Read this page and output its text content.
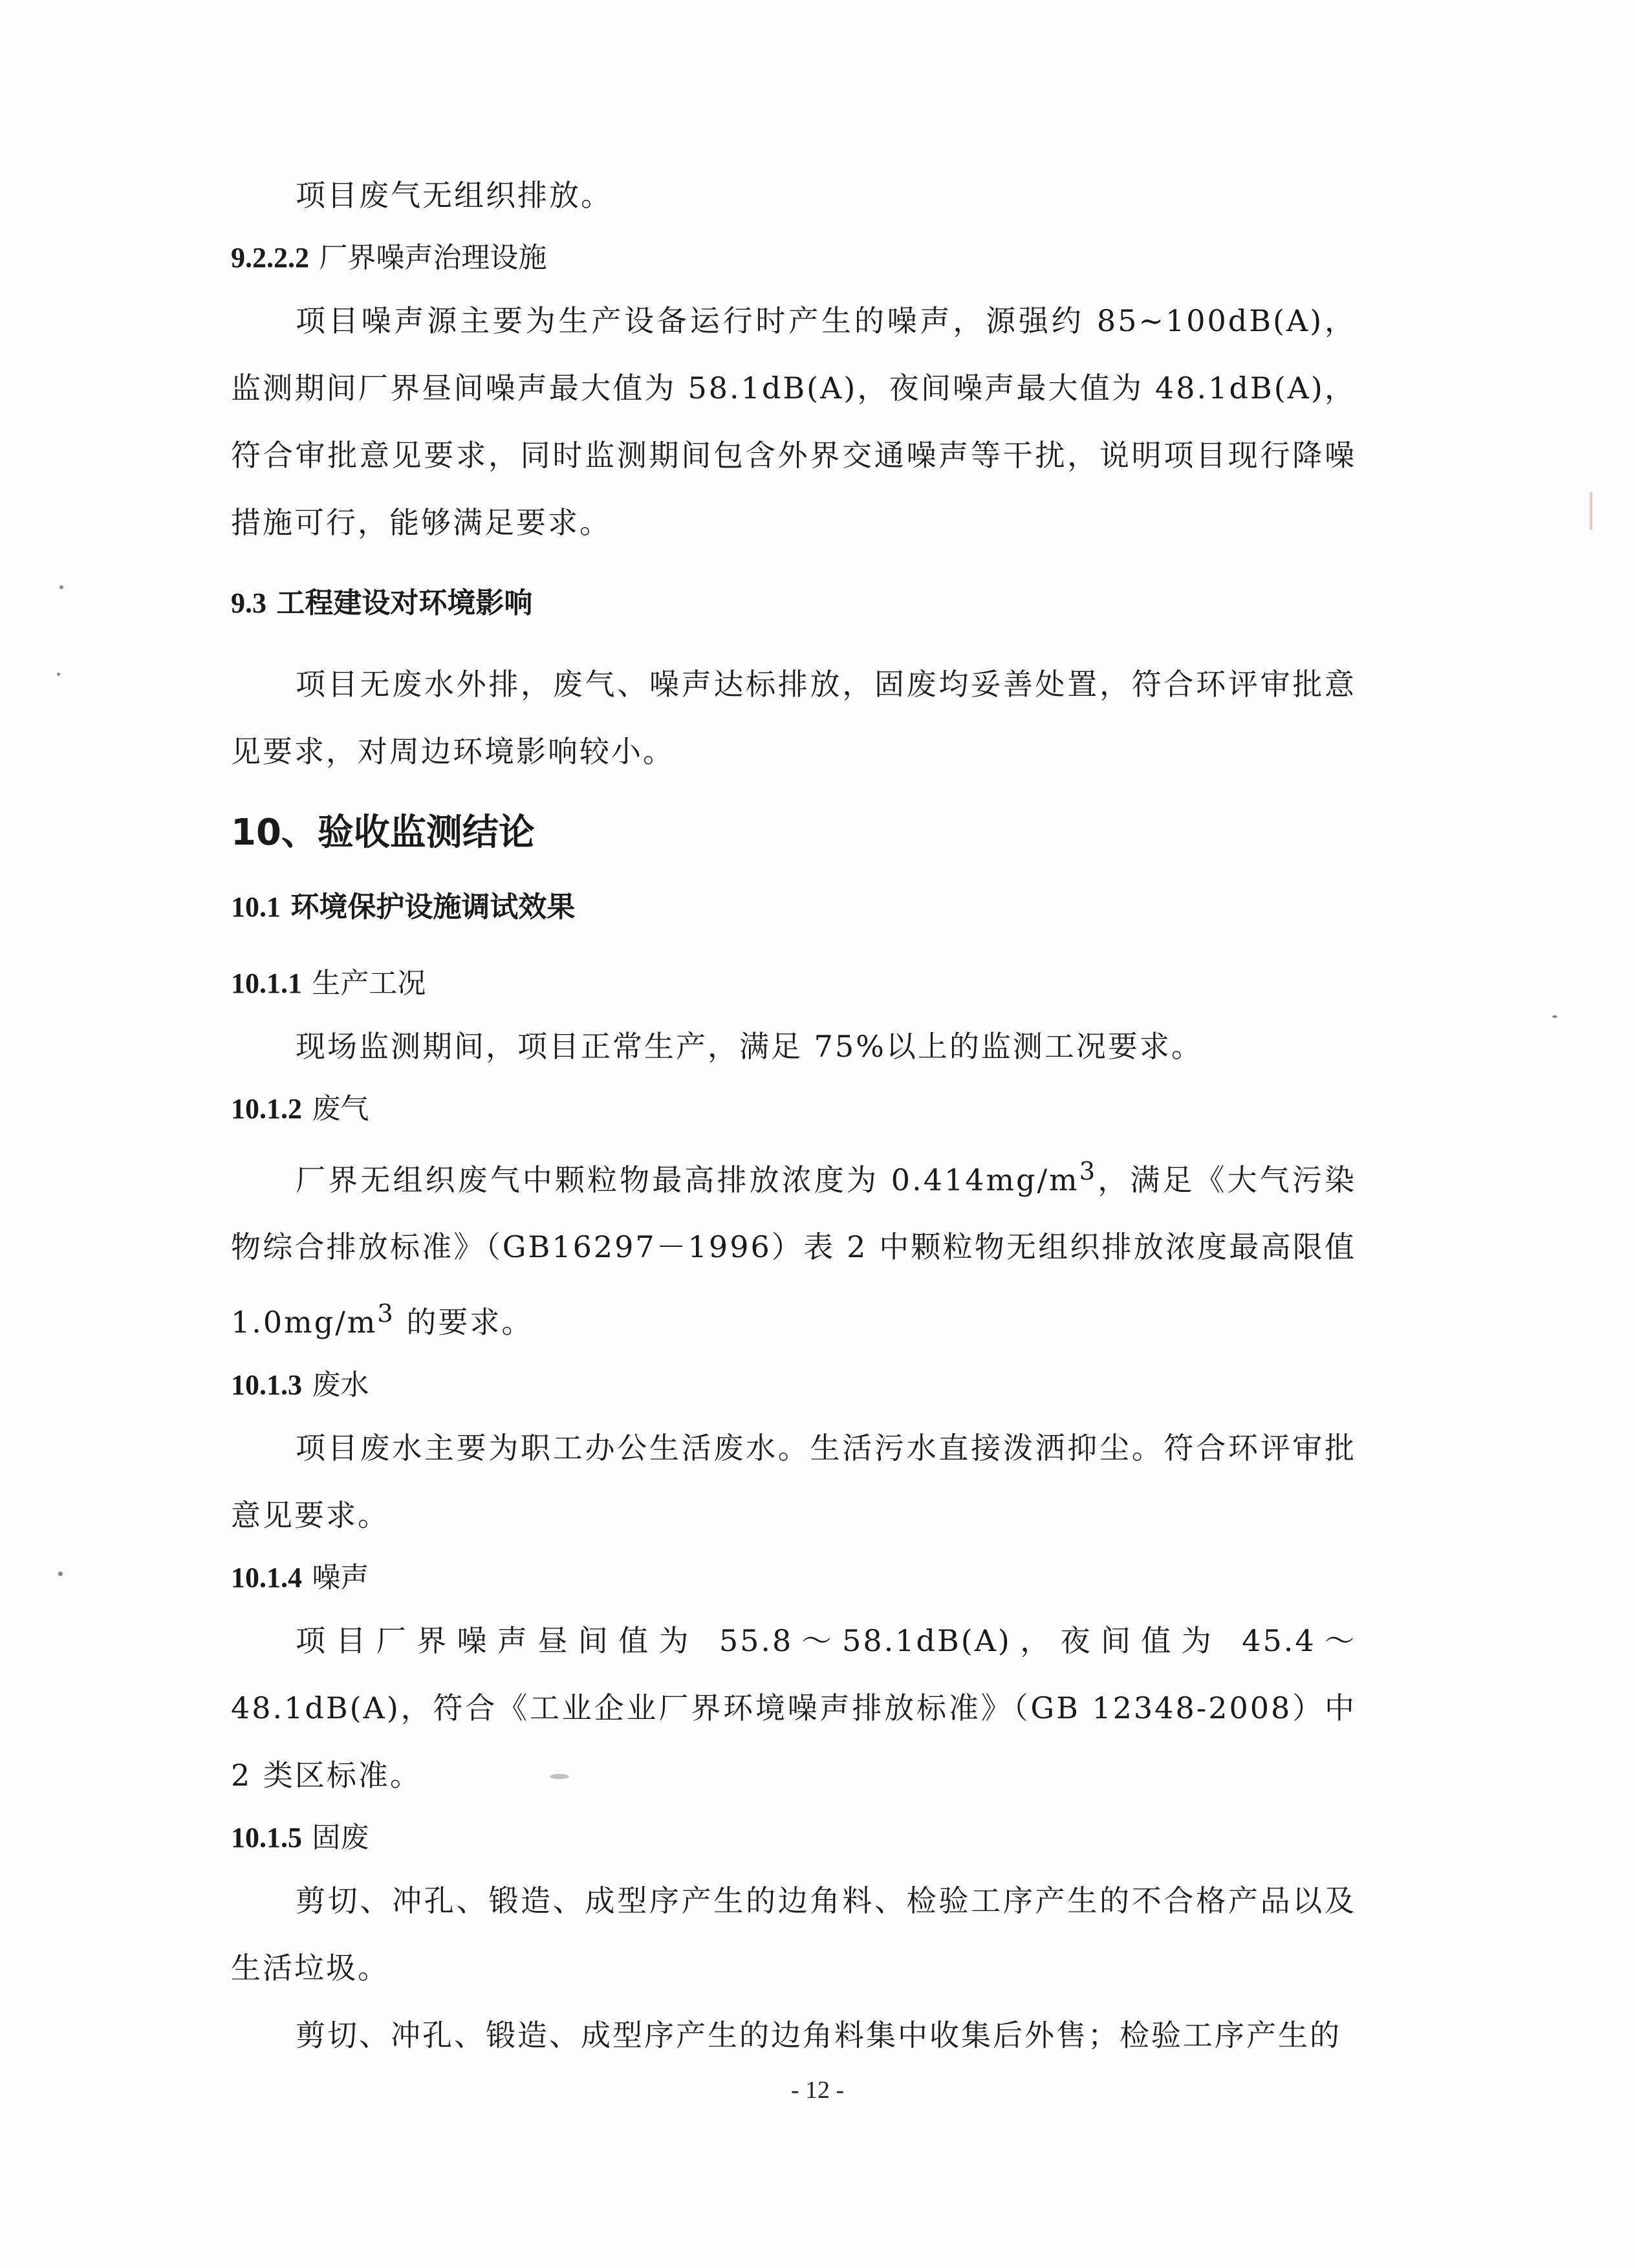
项目废气无组织排放。

9.2.2.2 厂界噪声治理设施

项目噪声源主要为生产设备运行时产生的噪声，源强约 85~100dB(A)，监测期间厂界昼间噪声最大值为 58.1dB(A)，夜间噪声最大值为 48.1dB(A)，符合审批意见要求，同时监测期间包含外界交通噪声等干扰，说明项目现行降噪措施可行，能够满足要求。

9.3 工程建设对环境影响

项目无废水外排，废气、噪声达标排放，固废均妥善处置，符合环评审批意见要求，对周边环境影响较小。

10、验收监测结论

10.1 环境保护设施调试效果

10.1.1 生产工况

现场监测期间，项目正常生产，满足 75%以上的监测工况要求。

10.1.2 废气

厂界无组织废气中颗粒物最高排放浓度为 $0.414mg/m^3$，满足《大气污染物综合排放标准》（GB16297－1996）表 2 中颗粒物无组织排放浓度最高限值 $1.0mg/m^3$ 的要求。

10.1.3 废水

项目废水主要为职工办公生活废水。生活污水直接泼洒抑尘。符合环评审批意见要求。

10.1.4 噪声

项目厂界噪声昼间值为 55.8～58.1dB(A)，夜间值为 45.4～48.1dB(A)，符合《工业企业厂界环境噪声排放标准》（GB 12348-2008）中 2 类区标准。

10.1.5 固废

剪切、冲孔、锻造、成型序产生的边角料、检验工序产生的不合格产品以及生活垃圾。

剪切、冲孔、锻造、成型序产生的边角料集中收集后外售；检验工序产生的

- 12 -
